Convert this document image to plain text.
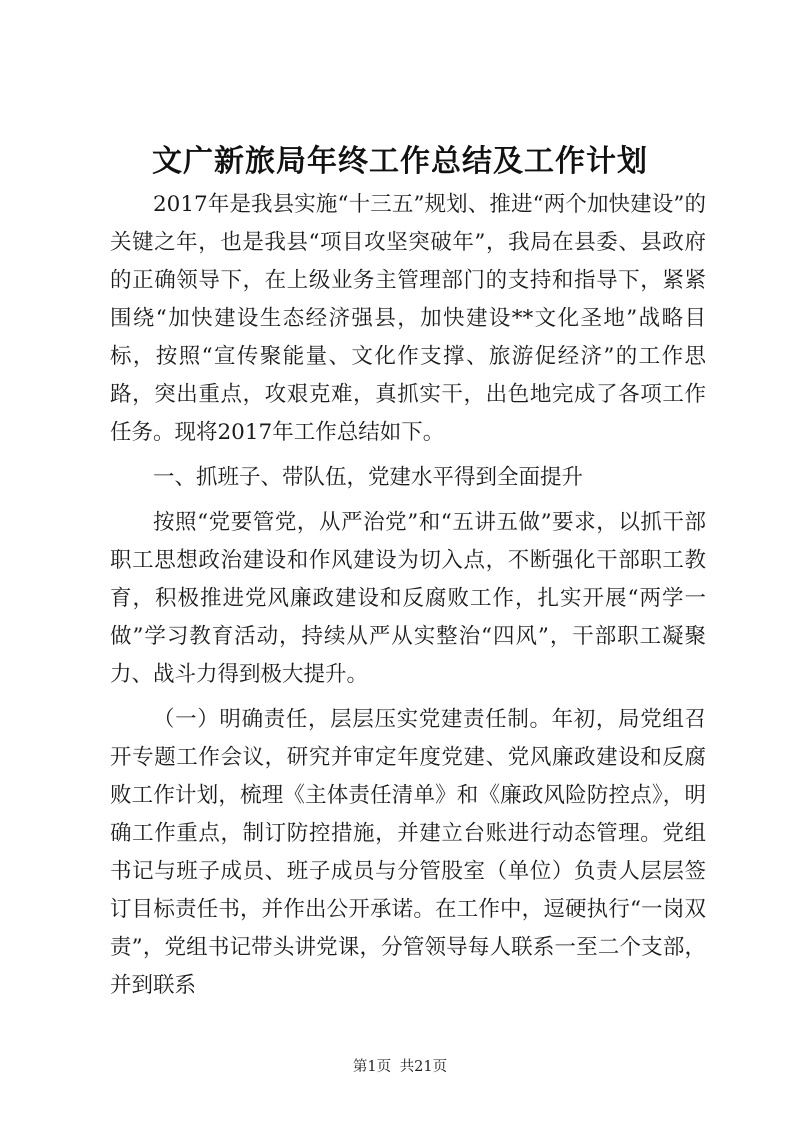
文广新旅局年终工作总结及工作计划

2017年是我县实施“十三五”规划、推进“两个加快建设”的关键之年，也是我县“项目攻坚突破年”，我局在县委、县政府的正确领导下，在上级业务主管理部门的支持和指导下，紧紧围绕“加快建设生态经济强县，加快建设**文化圣地”战略目标，按照“宣传聚能量、文化作支撑、旅游促经济”的工作思路，突出重点，攻艰克难，真抓实干，出色地完成了各项工作任务。现将2017年工作总结如下。

一、抓班子、带队伍，党建水平得到全面提升

按照“党要管党，从严治党”和“五讲五做”要求，以抓干部职工思想政治建设和作风建设为切入点，不断强化干部职工教育，积极推进党风廉政建设和反腐败工作，扎实开展“两学一做”学习教育活动，持续从严从实整治“四风”，干部职工凝聚力、战斗力得到极大提升。

（一）明确责任，层层压实党建责任制。年初，局党组召开专题工作会议，研究并审定年度党建、党风廉政建设和反腐败工作计划，梳理《主体责任清单》和《廉政风险防控点》，明确工作重点，制订防控措施，并建立台账进行动态管理。党组书记与班子成员、班子成员与分管股室（单位）负责人层层签订目标责任书，并作出公开承诺。在工作中，逗硬执行“一岗双责”，党组书记带头讲党课，分管领导每人联系一至二个支部，并到联系

第1页 共21页
